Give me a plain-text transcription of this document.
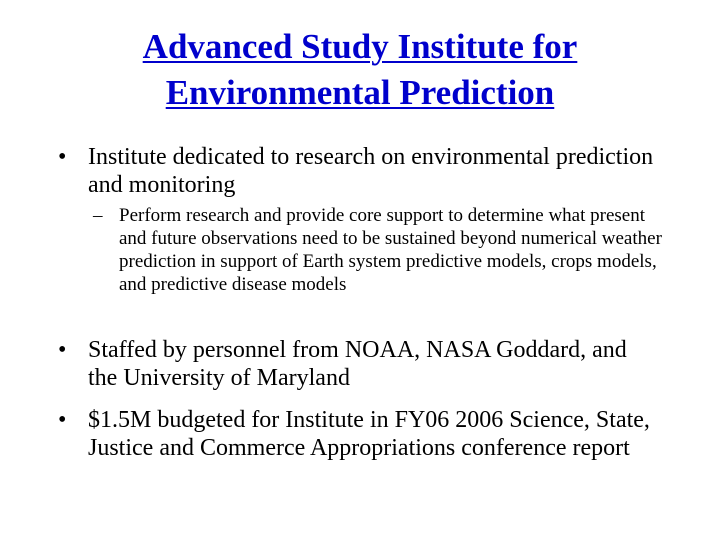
Advanced Study Institute for Environmental Prediction
• Institute dedicated to research on environmental prediction and monitoring
– Perform research and provide core support to determine what present and future observations need to be sustained beyond numerical weather prediction in support of Earth system predictive models, crops models, and predictive disease models
• Staffed by personnel from NOAA, NASA Goddard, and the University of Maryland
• $1.5M budgeted for Institute in FY06 2006 Science, State, Justice and Commerce Appropriations conference report
